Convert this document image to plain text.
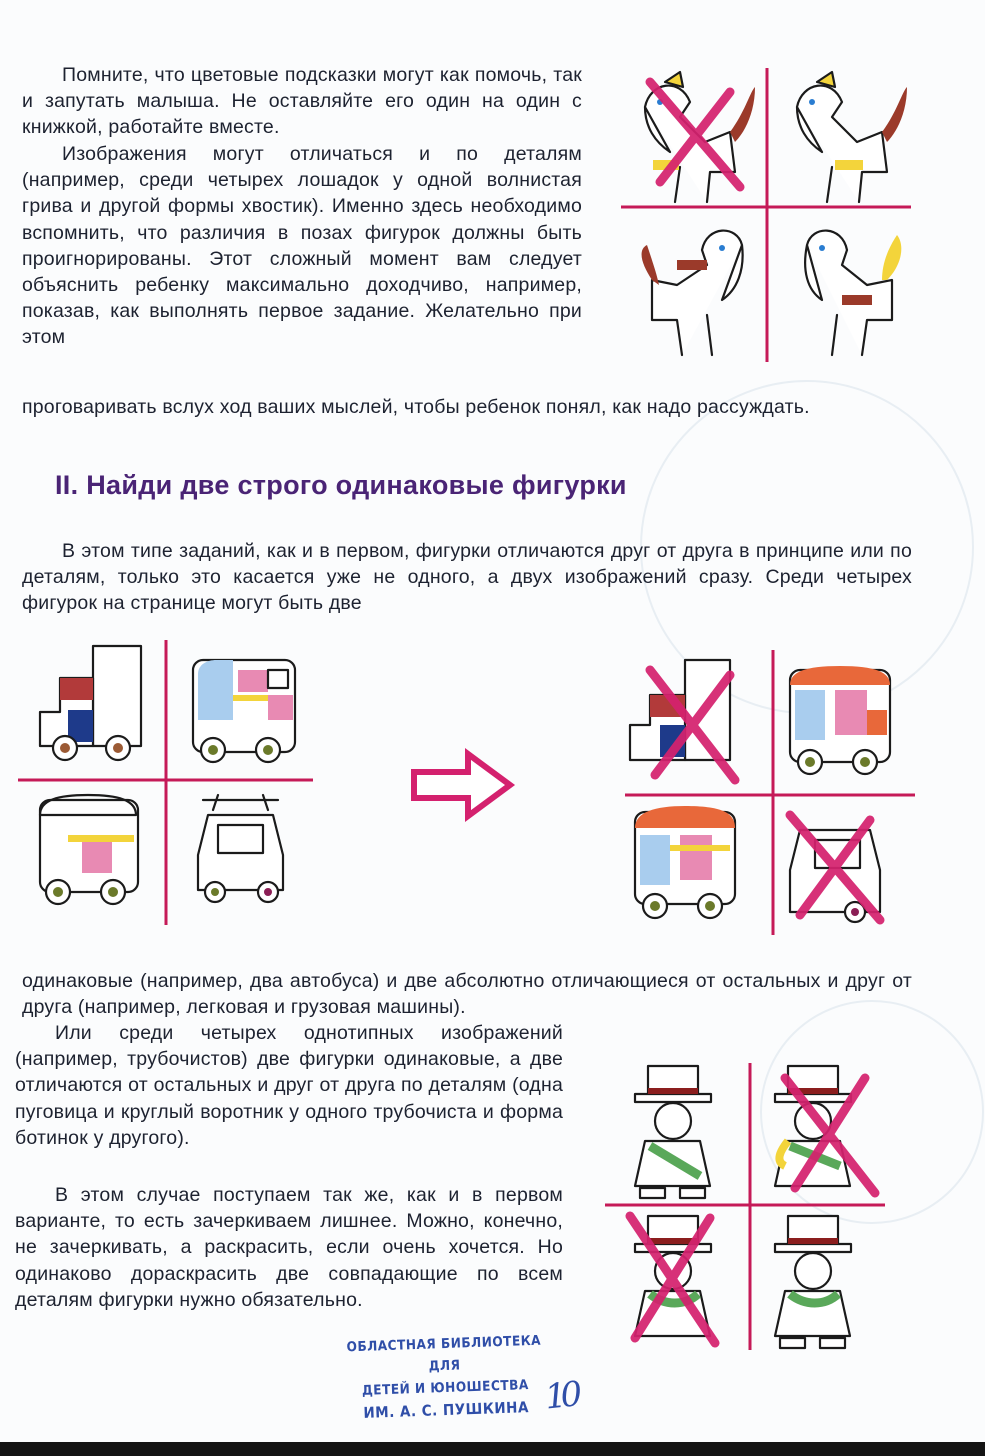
Помните, что цветовые подсказки могут как помочь, так и запутать малыша. Не оставляйте его один на один с книжкой, работайте вместе.

Изображения могут отличаться и по деталям (например, среди четырех лошадок у одной волнистая грива и другой формы хвостик). Именно здесь необходимо вспомнить, что различия в позах фигурок должны быть проигнорированы. Этот сложный момент вам следует объяснить ребенку максимально доходчиво, например, показав, как выполнять первое задание. Желательно при этом

проговаривать вслух ход ваших мыслей, чтобы ребенок понял, как надо рассуждать.

II. Найди две строго одинаковые фигурки

В этом типе заданий, как и в первом, фигурки отличаются друг от друга в принципе или по деталям, только это касается уже не одного, а двух изображений сразу. Среди четырех фигурок на странице могут быть две

одинаковые (например, два автобуса) и две абсолютно отличающиеся от остальных и друг от друга (например, легковая и грузовая машины).

Или среди четырех однотипных изображений (например, трубочистов) две фигурки одинаковые, а две отличаются от остальных и друг от друга по деталям (одна пуговица и круглый воротник у одного трубочиста и форма ботинок у другого).

В этом случае поступаем так же, как и в первом варианте, то есть зачеркиваем лишнее. Можно, конечно, не зачеркивать, а раскрасить, если очень хочется. Но одинаково дораскрасить две совпадающие по всем деталям фигурки нужно обязательно.

ОБЛАСТНАЯ БИБЛИОТЕКА
ДЛЯ
ДЕТЕЙ И ЮНОШЕСТВА
ИМ. А. С. ПУШКИНА 10
